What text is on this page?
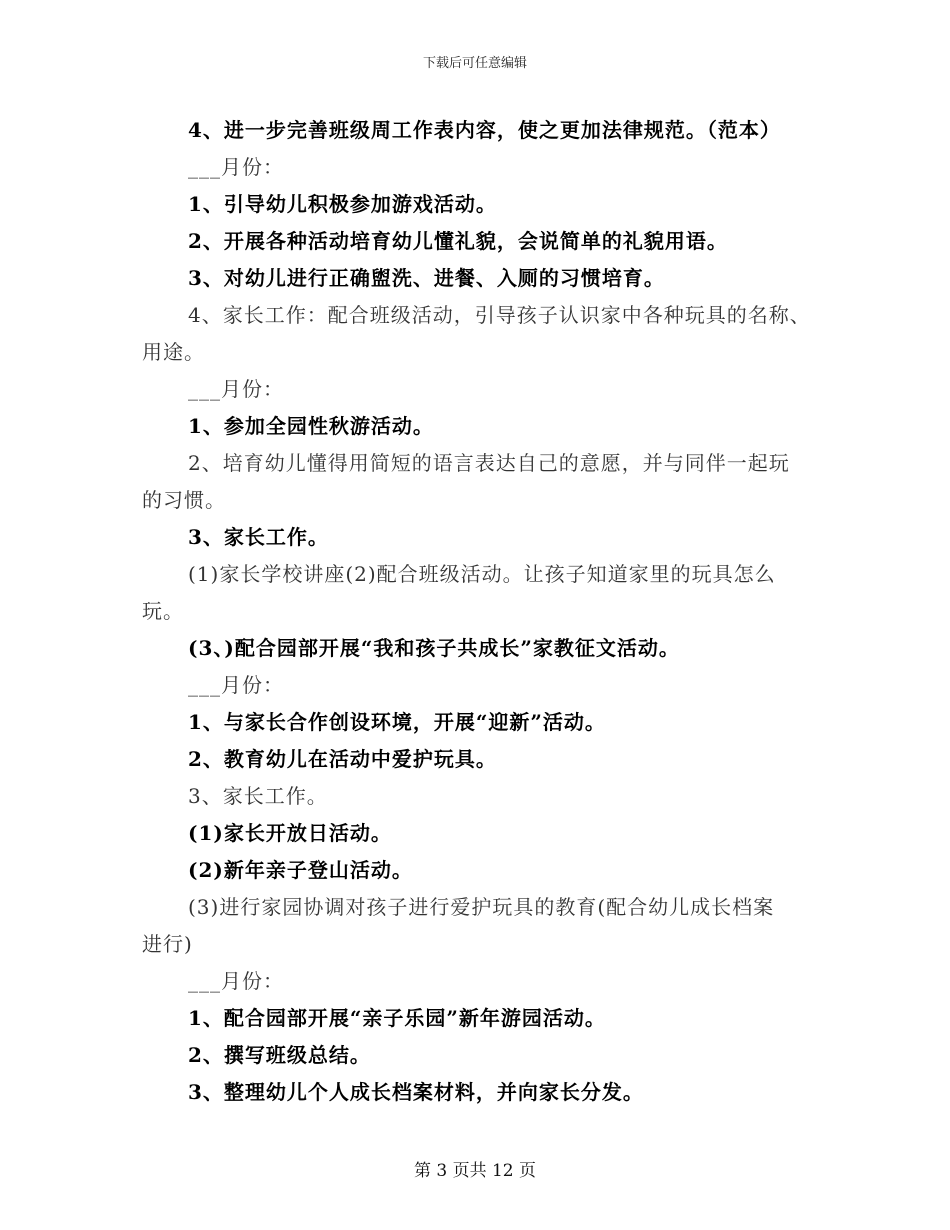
下载后可任意编辑
4、进一步完善班级周工作表内容，使之更加法律规范。（范本）
___月份：
1、引导幼儿积极参加游戏活动。
2、开展各种活动培育幼儿懂礼貌，会说简单的礼貌用语。
3、对幼儿进行正确盥洗、进餐、入厕的习惯培育。
4、家长工作：配合班级活动，引导孩子认识家中各种玩具的名称、
用途。
___月份：
1、参加全园性秋游活动。
2、培育幼儿懂得用简短的语言表达自己的意愿，并与同伴一起玩
的习惯。
3、家长工作。
(1)家长学校讲座(2)配合班级活动。让孩子知道家里的玩具怎么
玩。
(3、)配合园部开展“我和孩子共成长”家教征文活动。
___月份：
1、与家长合作创设环境，开展“迎新”活动。
2、教育幼儿在活动中爱护玩具。
3、家长工作。
(1)家长开放日活动。
(2)新年亲子登山活动。
(3)进行家园协调对孩子进行爱护玩具的教育(配合幼儿成长档案
进行)
___月份：
1、配合园部开展“亲子乐园”新年游园活动。
2、撰写班级总结。
3、整理幼儿个人成长档案材料，并向家长分发。
第 3 页共 12 页
